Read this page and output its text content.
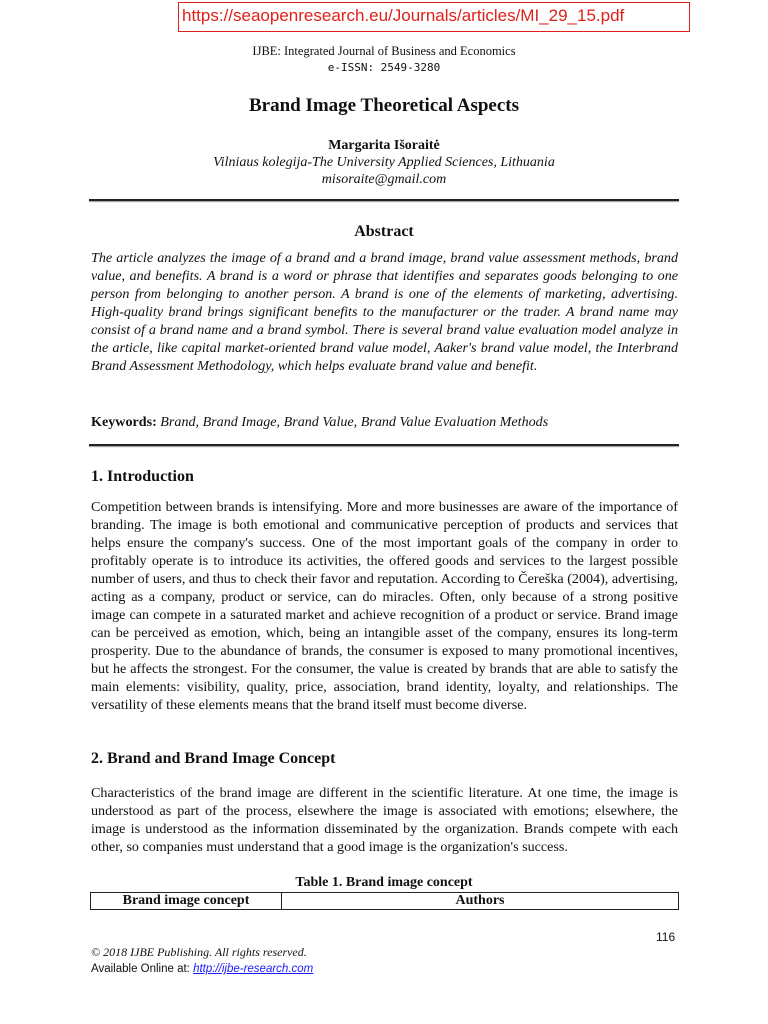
https://seaopenresearch.eu/Journals/articles/MI_29_15.pdf
IJBE: Integrated Journal of Business and Economics
e-ISSN: 2549-3280
Brand Image Theoretical Aspects
Margarita Išoraitė
Vilniaus kolegija-The University Applied Sciences, Lithuania
misoraite@gmail.com
Abstract
The article analyzes the image of a brand and a brand image, brand value assessment methods, brand value, and benefits. A brand is a word or phrase that identifies and separates goods belonging to one person from belonging to another person. A brand is one of the elements of marketing, advertising. High-quality brand brings significant benefits to the manufacturer or the trader. A brand name may consist of a brand name and a brand symbol. There is several brand value evaluation model analyze in the article, like capital market-oriented brand value model, Aaker's brand value model, the Interbrand Brand Assessment Methodology, which helps evaluate brand value and benefit.
Keywords: Brand, Brand Image, Brand Value, Brand Value Evaluation Methods
1. Introduction
Competition between brands is intensifying. More and more businesses are aware of the importance of branding. The image is both emotional and communicative perception of products and services that helps ensure the company's success. One of the most important goals of the company in order to profitably operate is to introduce its activities, the offered goods and services to the largest possible number of users, and thus to check their favor and reputation. According to Čereška (2004), advertising, acting as a company, product or service, can do miracles. Often, only because of a strong positive image can compete in a saturated market and achieve recognition of a product or service. Brand image can be perceived as emotion, which, being an intangible asset of the company, ensures its long-term prosperity. Due to the abundance of brands, the consumer is exposed to many promotional incentives, but he affects the strongest. For the consumer, the value is created by brands that are able to satisfy the main elements: visibility, quality, price, association, brand identity, loyalty, and relationships. The versatility of these elements means that the brand itself must become diverse.
2. Brand and Brand Image Concept
Characteristics of the brand image are different in the scientific literature. At one time, the image is understood as part of the process, elsewhere the image is associated with emotions; elsewhere, the image is understood as the information disseminated by the organization. Brands compete with each other, so companies must understand that a good image is the organization's success.
Table 1. Brand image concept
Brand image concept	Authors
116
© 2018 IJBE Publishing. All rights reserved.
Available Online at: http://ijbe-research.com
